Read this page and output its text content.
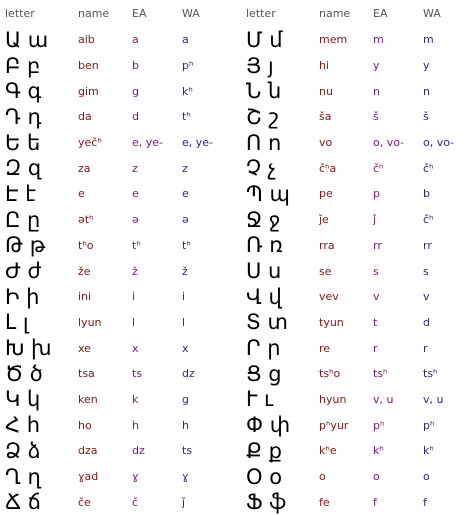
letter	name	EA	WA
Ա ա	aib	a	a
Բ բ	ben	b	pʰ
Գ գ	gim	g	kʰ
Դ դ	da	d	tʰ
Ե ե	yečʰ	e, ye-	e, ye-
Զ զ	za	z	z
Է է	e	e	e
Ը ը	ətʰ	ə	ə
Թ թ	tʰo	tʰ	tʰ
Ժ ժ	že	ž	ž
Ի ի	ini	i	i
Լ լ	lyun	l	l
Խ խ	xe	x	x
Ծ ծ	tsa	ts	dz
Կ կ	ken	k	g
Հ հ	ho	h	h
Ձ ձ	dza	dz	ts
Ղ ղ	ɣad	ɣ	ɣ
Ճ ճ	če	č	ǰ
letter	name	EA	WA
Մ մ	mem	m	m
Յ յ	hi	y	y
Ն ն	nu	n	n
Շ շ	ša	š	š
Ո ո	vo	o, vo-	o, vo-
Չ չ	čʰa	čʰ	čʰ
Պ պ	pe	p	b
Ջ ջ	ǰe	ǰ	čʰ
Ռ ռ	rra	rr	rr
Ս ս	se	s	s
Վ վ	vev	v	v
Տ տ	tyun	t	d
Ր ր	re	r	r
Ց ց	tsʰo	tsʰ	tsʰ
Ւ ւ	hyun	v, u	v, u
Փ փ	pʰyur	pʰ	pʰ
Ք ք	kʰe	kʰ	kʰ
Օ օ	o	o	o
Ֆ ֆ	fe	f	f
